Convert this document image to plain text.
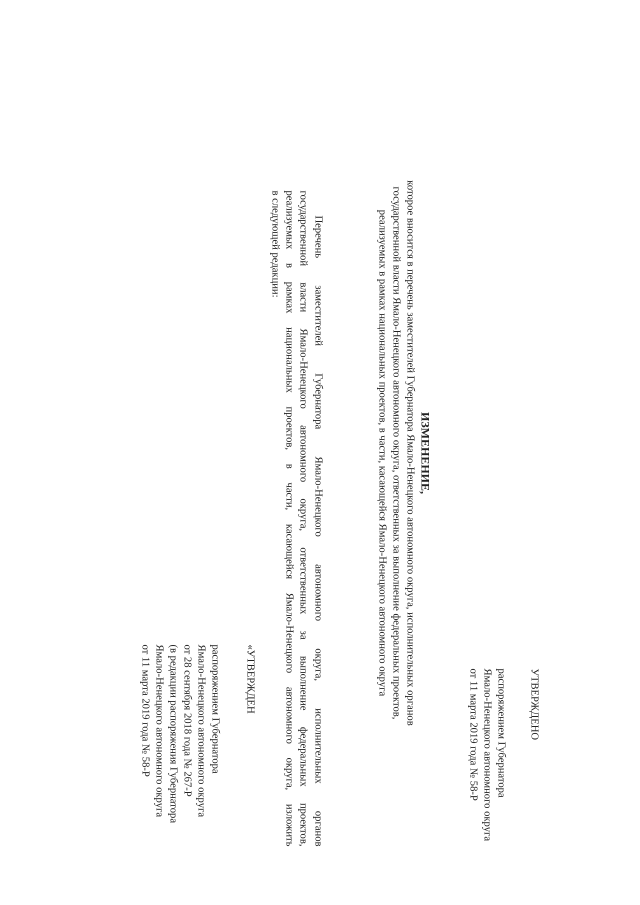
УТВЕРЖДЕНО
распоряжением Губернатора
Ямало-Ненецкого автономного округа
от 11 марта 2019 года № 58-Р
ИЗМЕНЕНИЕ,
которое вносится в перечень заместителей Губернатора Ямало-Ненецкого автономного округа, исполнительных органов
государственной власти Ямало-Ненецкого автономного округа, ответственных за выполнение федеральных проектов,
реализуемых в рамках национальных проектов, в части, касающейся Ямало-Ненецкого автономного округа
Перечень заместителей Губернатора Ямало-Ненецкого автономного округа, исполнительных органов
государственной власти Ямало-Ненецкого автономного округа, ответственных за выполнение федеральных проектов,
реализуемых в рамках национальных проектов, в части, касающейся Ямало-Ненецкого автономного округа, изложить
в следующей редакции:
«УТВЕРЖДЕН
распоряжением Губернатора
Ямало-Ненецкого автономного округа
от 28 сентября 2018 года № 267-Р
(в редакции распоряжения Губернатора
Ямало-Ненецкого автономного округа
от 11 марта 2019 года № 58-Р
